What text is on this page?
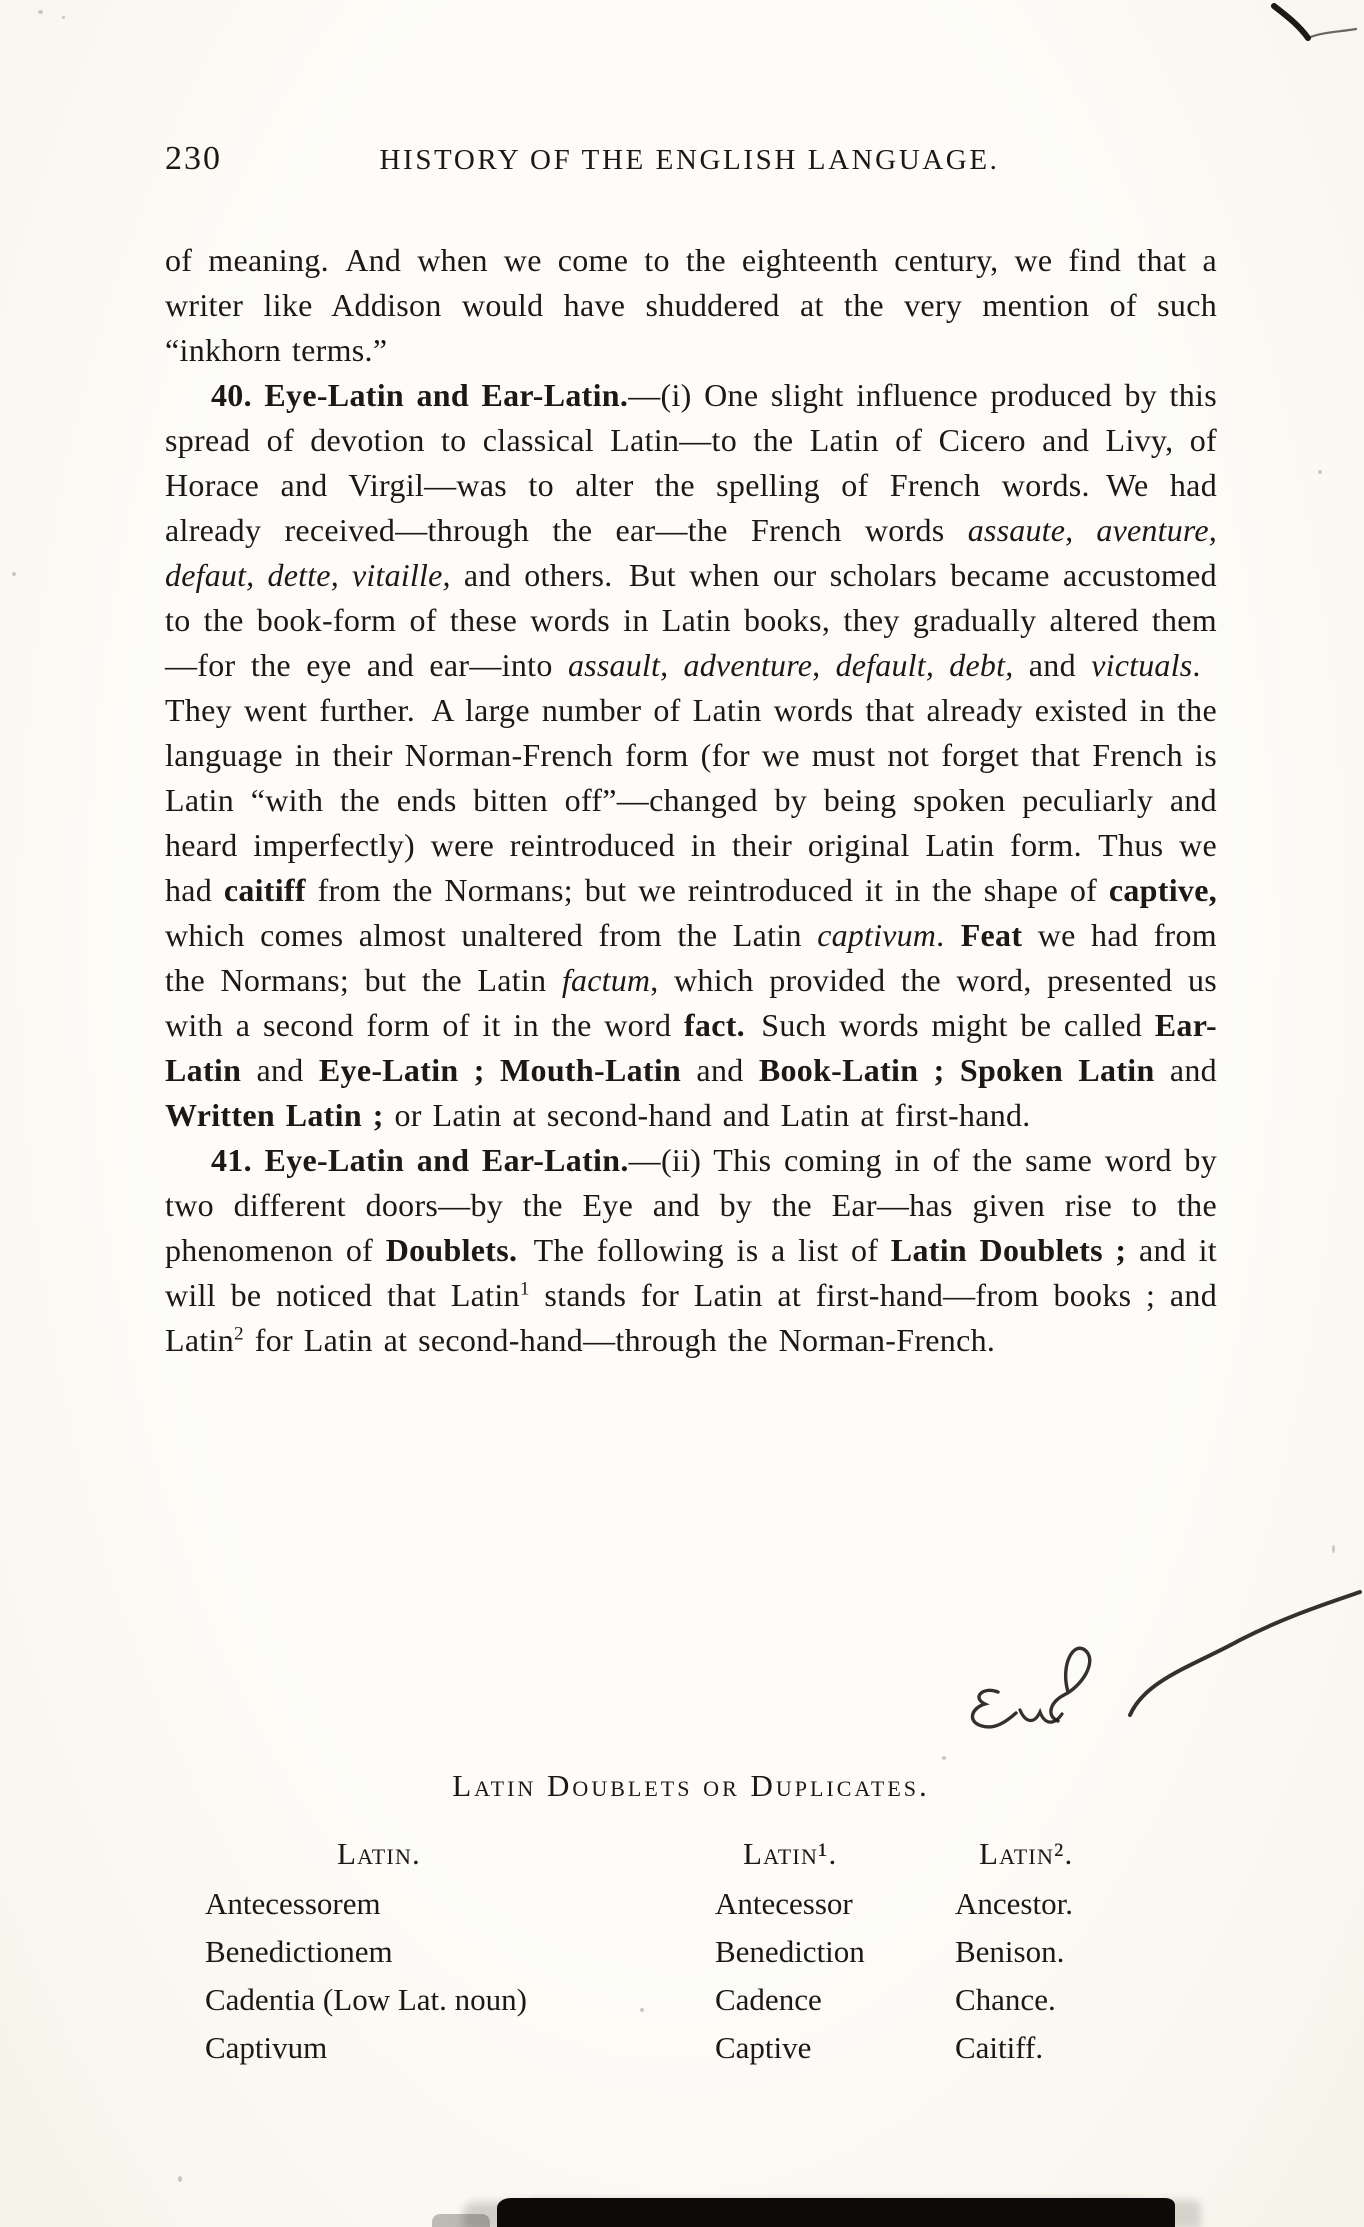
230	HISTORY OF THE ENGLISH LANGUAGE.

of meaning. And when we come to the eighteenth century, we find that a writer like Addison would have shuddered at the very mention of such “inkhorn terms.”

40. Eye-Latin and Ear-Latin.—(i) One slight influence produced by this spread of devotion to classical Latin—to the Latin of Cicero and Livy, of Horace and Virgil—was to alter the spelling of French words. We had already received—through the ear—the French words assaute, aventure, defaut, dette, vitaille, and others. But when our scholars became accustomed to the book-form of these words in Latin books, they gradually altered them—for the eye and ear—into assault, adventure, default, debt, and victuals. They went further. A large number of Latin words that already existed in the language in their Norman-French form (for we must not forget that French is Latin “with the ends bitten off”—changed by being spoken peculiarly and heard imperfectly) were reintroduced in their original Latin form. Thus we had caitiff from the Normans; but we reintroduced it in the shape of captive, which comes almost unaltered from the Latin captivum. Feat we had from the Normans; but the Latin factum, which provided the word, presented us with a second form of it in the word fact. Such words might be called Ear-Latin and Eye-Latin ; Mouth-Latin and Book-Latin ; Spoken Latin and Written Latin ; or Latin at second-hand and Latin at first-hand.

41. Eye-Latin and Ear-Latin.—(ii) This coming in of the same word by two different doors—by the Eye and by the Ear—has given rise to the phenomenon of Doublets. The following is a list of Latin Doublets ; and it will be noticed that Latin$^1$ stands for Latin at first-hand—from books ; and Latin$^2$ for Latin at second-hand—through the Norman-French.

Latin Doublets or Duplicates.
Latin.	Latin¹.	Latin².
Antecessorem	Antecessor	Ancestor.
Benedictionem	Benediction	Benison.
Cadentia (Low Lat. noun)	Cadence	Chance.
Captivum	Captive	Caitiff.
